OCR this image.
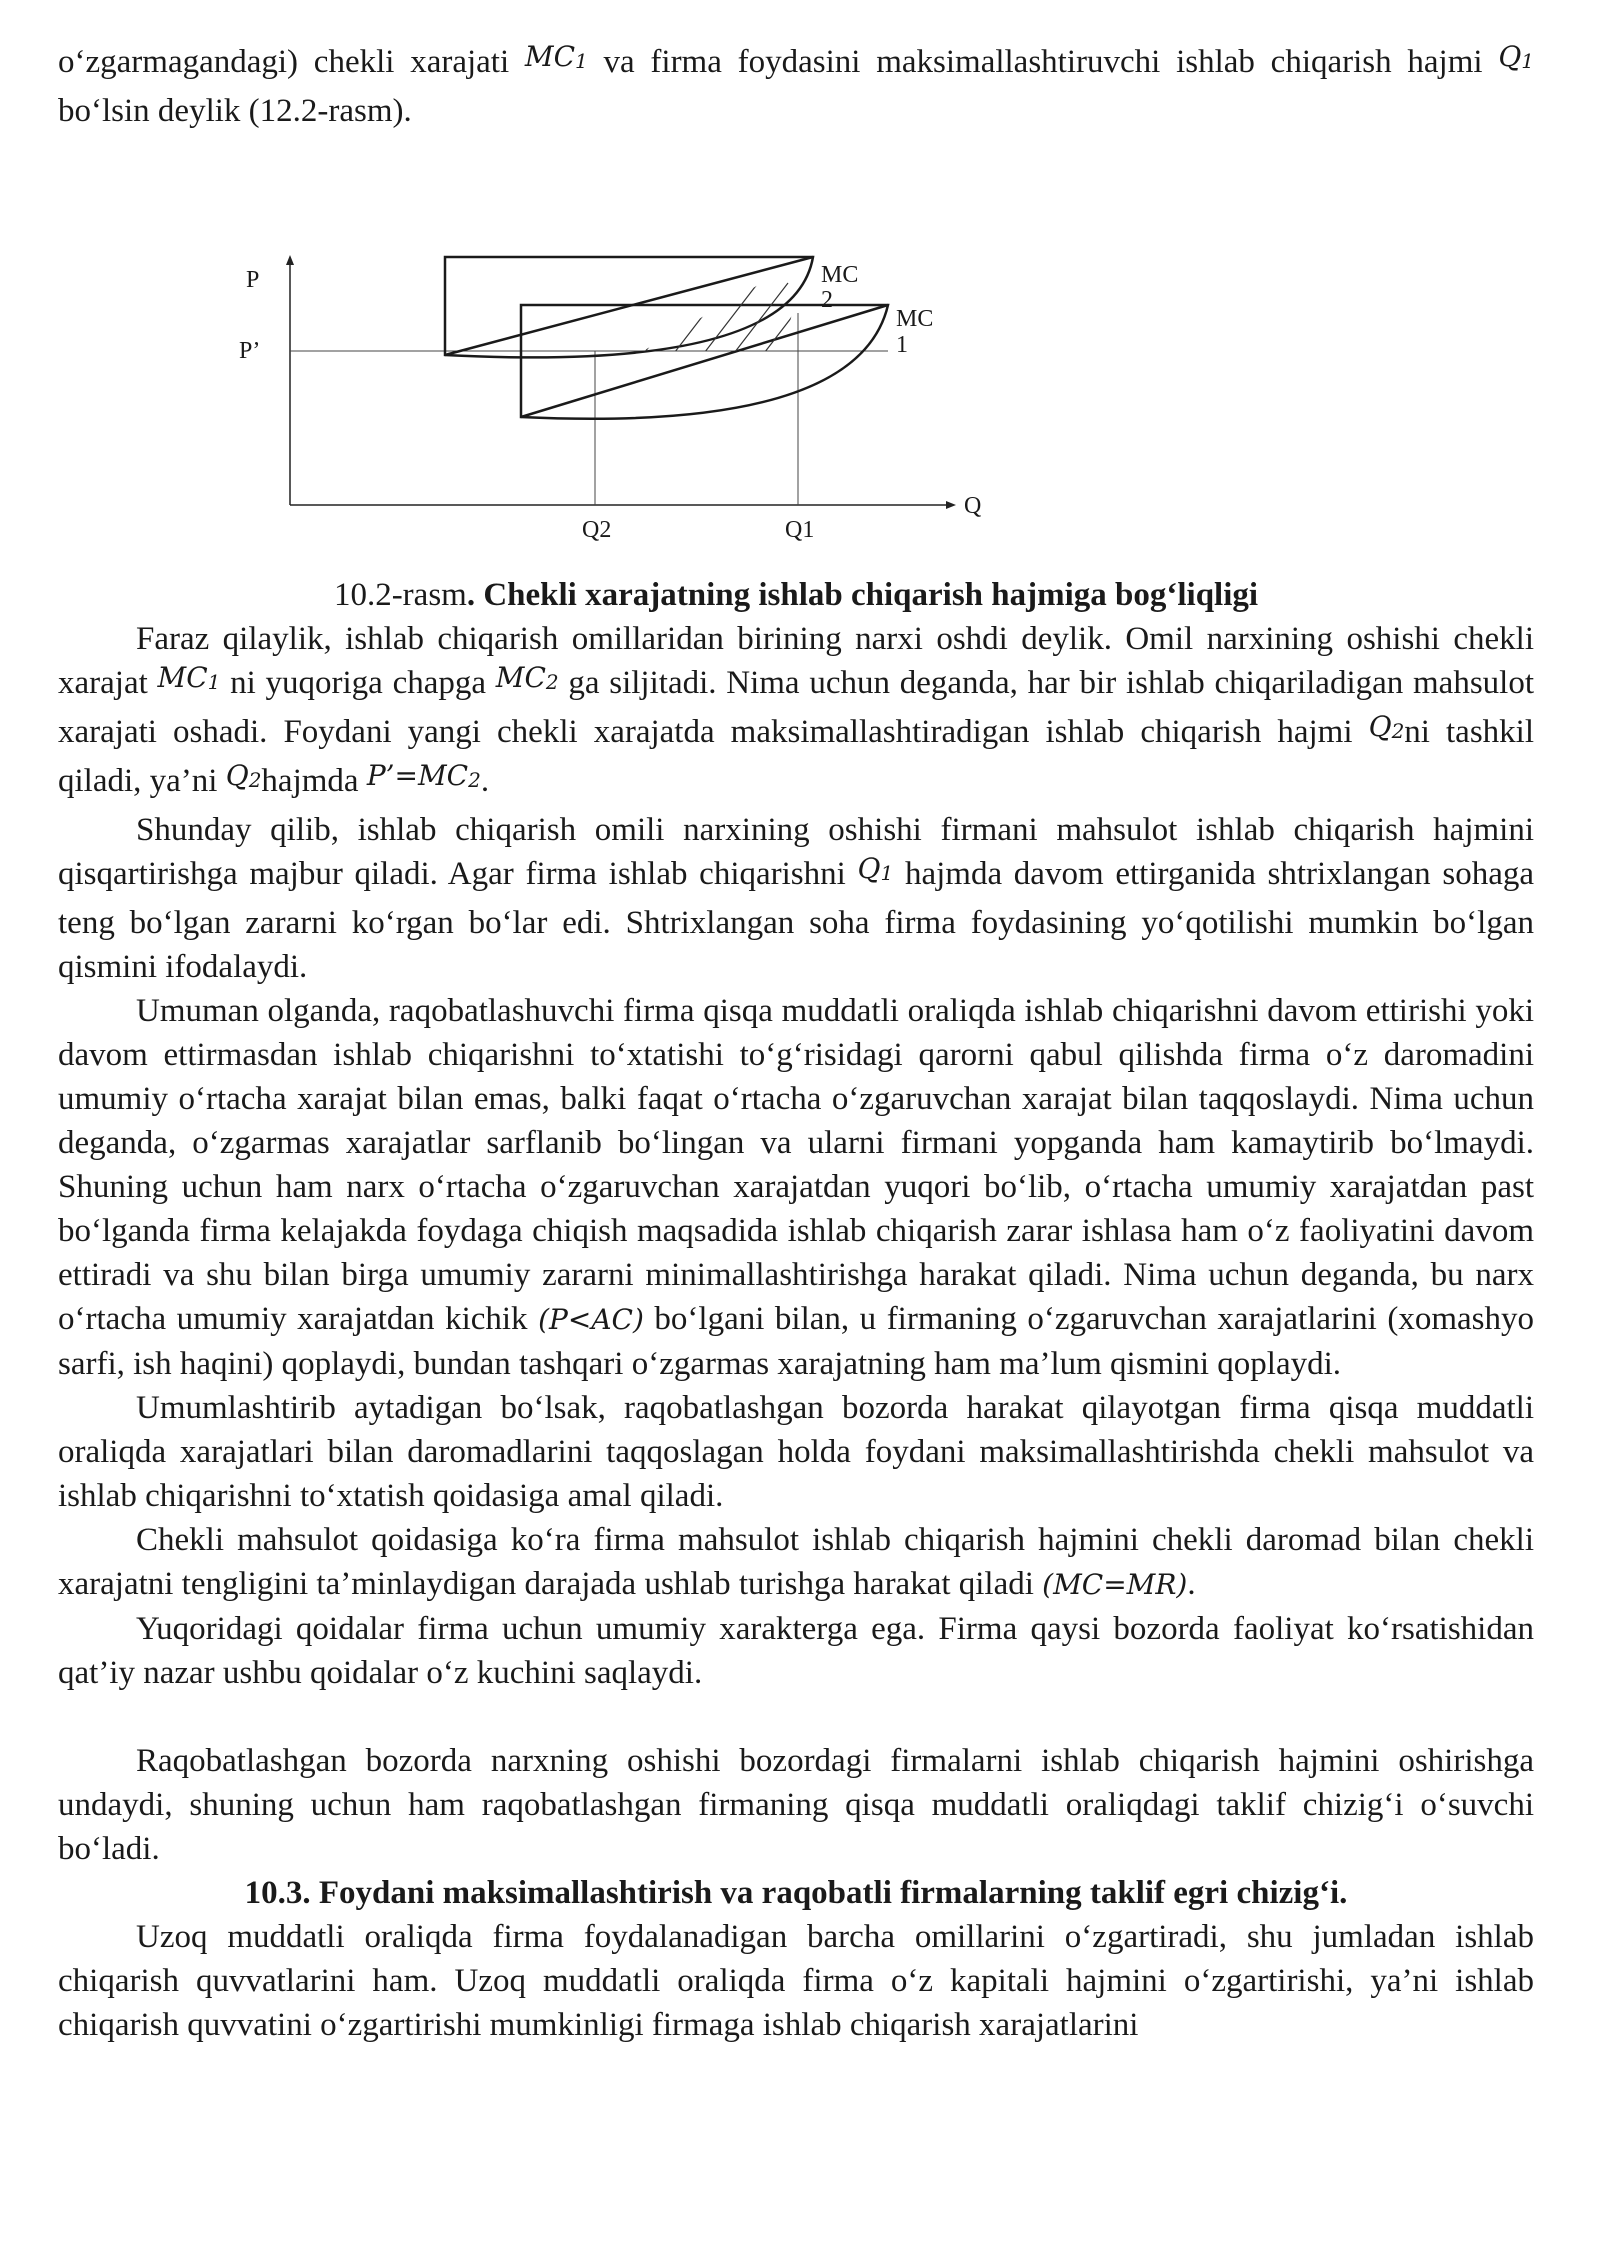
o‘zgarmagandagi) chekli xarajati MC1 va firma foydasini maksimallashtiruvchi ishlab chiqarish hajmi Q1 bo‘lsin deylik (12.2-rasm).

P
P’
Q
MC
2
MC
1
Q2	Q1

10.2-rasm. Chekli xarajatning ishlab chiqarish hajmiga bog‘liqligi

Faraz qilaylik, ishlab chiqarish omillaridan birining narxi oshdi deylik. Omil narxining oshishi chekli xarajat MC1 ni yuqoriga chapga MC2 ga siljitadi. Nima uchun deganda, har bir ishlab chiqariladigan mahsulot xarajati oshadi. Foydani yangi chekli xarajatda maksimallashtiradigan ishlab chiqarish hajmi Q2ni tashkil qiladi, ya’ni Q2hajmda P’=MC2.

Shunday qilib, ishlab chiqarish omili narxining oshishi firmani mahsulot ishlab chiqarish hajmini qisqartirishga majbur qiladi. Agar firma ishlab chiqarishni Q1 hajmda davom ettirganida shtrixlangan sohaga teng bo‘lgan zararni ko‘rgan bo‘lar edi. Shtrixlangan soha firma foydasining yo‘qotilishi mumkin bo‘lgan qismini ifodalaydi.

Umuman olganda, raqobatlashuvchi firma qisqa muddatli oraliqda ishlab chiqarishni davom ettirishi yoki davom ettirmasdan ishlab chiqarishni to‘xtatishi to‘g‘risidagi qarorni qabul qilishda firma o‘z daromadini umumiy o‘rtacha xarajat bilan emas, balki faqat o‘rtacha o‘zgaruvchan xarajat bilan taqqoslaydi. Nima uchun deganda, o‘zgarmas xarajatlar sarflanib bo‘lingan va ularni firmani yopganda ham kamaytirib bo‘lmaydi. Shuning uchun ham narx o‘rtacha o‘zgaruvchan xarajatdan yuqori bo‘lib, o‘rtacha umumiy xarajatdan past bo‘lganda firma kelajakda foydaga chiqish maqsadida ishlab chiqarish zarar ishlasa ham o‘z faoliyatini davom ettiradi va shu bilan birga umumiy zararni minimallashtirishga harakat qiladi. Nima uchun deganda, bu narx o‘rtacha umumiy xarajatdan kichik (P<AC) bo‘lgani bilan, u firmaning o‘zgaruvchan xarajatlarini (xomashyo sarfi, ish haqini) qoplaydi, bundan tashqari o‘zgarmas xarajatning ham ma’lum qismini qoplaydi.

Umumlashtirib aytadigan bo‘lsak, raqobatlashgan bozorda harakat qilayotgan firma qisqa muddatli oraliqda xarajatlari bilan daromadlarini taqqoslagan holda foydani maksimallashtirishda chekli mahsulot va ishlab chiqarishni to‘xtatish qoidasiga amal qiladi.

Chekli mahsulot qoidasiga ko‘ra firma mahsulot ishlab chiqarish hajmini chekli daromad bilan chekli xarajatni tengligini ta’minlaydigan darajada ushlab turishga harakat qiladi (MC=MR).

Yuqoridagi qoidalar firma uchun umumiy xarakterga ega. Firma qaysi bozorda faoliyat ko‘rsatishidan qat’iy nazar ushbu qoidalar o‘z kuchini saqlaydi.

Raqobatlashgan bozorda narxning oshishi bozordagi firmalarni ishlab chiqarish hajmini oshirishga undaydi, shuning uchun ham raqobatlashgan firmaning qisqa muddatli oraliqdagi taklif chizig‘i o‘suvchi bo‘ladi.

10.3. Foydani maksimallashtirish va raqobatli firmalarning taklif egri chizig‘i.

Uzoq muddatli oraliqda firma foydalanadigan barcha omillarini o‘zgartiradi, shu jumladan ishlab chiqarish quvvatlarini ham. Uzoq muddatli oraliqda firma o‘z kapitali hajmini o‘zgartirishi, ya’ni ishlab chiqarish quvvatini o‘zgartirishi mumkinligi firmaga ishlab chiqarish xarajatlarini
